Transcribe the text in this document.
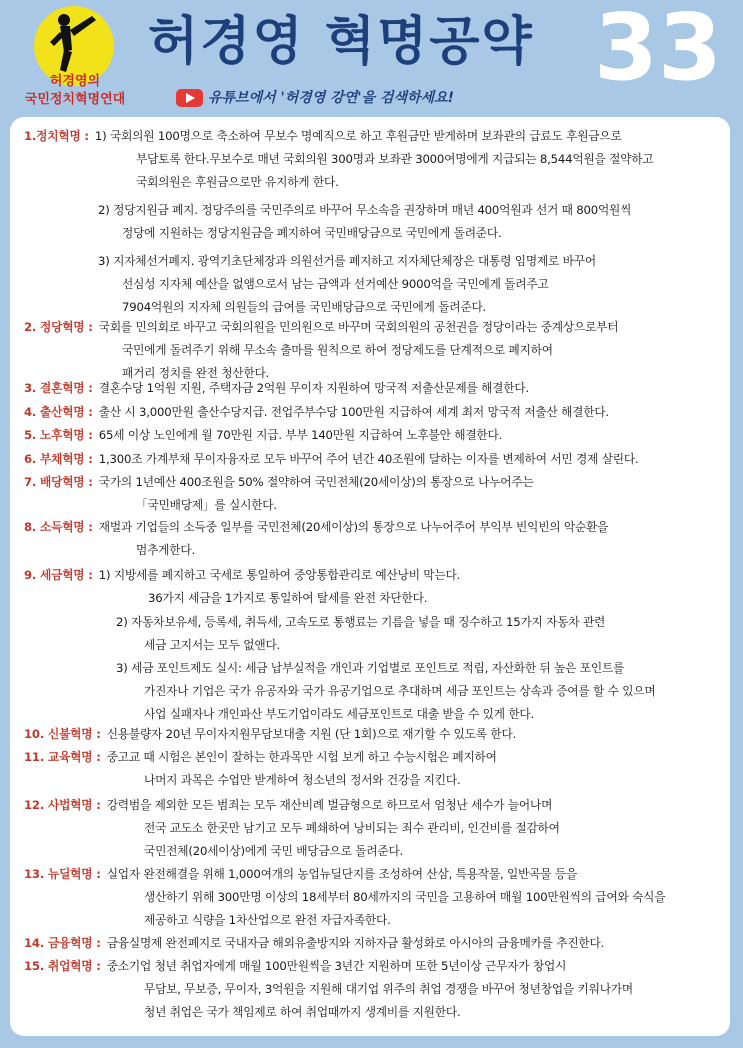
허경영의
국민정치혁명연대
허경영 혁명공약 33
유튜브에서 '허경영 강연'을 검색하세요!
1.정치혁명 : 1) 국회의원 100명으로 축소하여 무보수 명예직으로 하고 후원금만 받게하며 보좌관의 급료도 후원금으로
부담토록 한다.무보수로 매년 국회의원 300명과 보좌관 3000여명에게 지급되는 8,544억원을 절약하고
국회의원은 후원금으로만 유지하게 한다.
2) 정당지원금 폐지. 정당주의를 국민주의로 바꾸어 무소속을 권장하며 매년 400억원과 선거 때 800억원씩
정당에 지원하는 정당지원금을 폐지하여 국민배당금으로 국민에게 돌려준다.
3) 지자체선거폐지. 광역기초단체장과 의원선거를 폐지하고 지자체단체장은 대통령 임명제로 바꾸어
선심성 지자체 예산을 없앰으로서 남는 금액과 선거예산 9000억을 국민에게 돌려주고
7904억원의 지자체 의원들의 급여를 국민배당금으로 국민에게 돌려준다.
2. 정당혁명 : 국회를 민의회로 바꾸고 국회의원을 민의원으로 바꾸며 국회의원의 공천권을 정당이라는 중계상으로부터
국민에게 돌려주기 위해 무소속 출마를 원칙으로 하여 정당제도를 단계적으로 폐지하여
패거리 정치를 완전 청산한다.
3. 결혼혁명 : 결혼수당 1억원 지원, 주택자금 2억원 무이자 지원하여 망국적 저출산문제를 해결한다.
4. 출산혁명 : 출산 시 3,000만원 출산수당지급. 전업주부수당 100만원 지급하여 세계 최저 망국적 저출산 해결한다.
5. 노후혁명 : 65세 이상 노인에게 월 70만원 지급. 부부 140만원 지급하여 노후불안 해결한다.
6. 부채혁명 : 1,300조 가계부채 무이자융자로 모두 바꾸어 주어 년간 40조원에 달하는 이자를 변제하여 서민 경제 살린다.
7. 배당혁명 : 국가의 1년예산 400조원을 50% 절약하여 국민전체(20세이상)의 통장으로 나누어주는
「국민배당제」를 실시한다.
8. 소득혁명 : 재벌과 기업들의 소득중 일부를 국민전체(20세이상)의 통장으로 나누어주어 부익부 빈익빈의 악순환을
멈추게한다.
9. 세금혁명 : 1) 지방세를 폐지하고 국세로 통일하여 중앙통합관리로 예산낭비 막는다.
36가지 세금을 1가지로 통일하여 탈세를 완전 차단한다.
2) 자동차보유세, 등록세, 취득세, 고속도로 통행료는 기름을 넣을 때 징수하고 15가지 자동차 관련
세금 고지서는 모두 없앤다.
3) 세금 포인트제도 실시: 세금 납부실적을 개인과 기업별로 포인트로 적립, 자산화한 뒤 높은 포인트를
가진자나 기업은 국가 유공자와 국가 유공기업으로 추대하며 세금 포인트는 상속과 증여를 할 수 있으며
사업 실패자나 개인파산 부도기업이라도 세금포인트로 대출 받을 수 있게 한다.
10. 신불혁명 : 신용불량자 20년 무이자지원무담보대출 지원 (단 1회)으로 재기할 수 있도록 한다.
11. 교육혁명 : 중고교 때 시험은 본인이 잘하는 한과목만 시험 보게 하고 수능시험은 폐지하여
나머지 과목은 수업만 받게하여 청소년의 정서와 건강을 지킨다.
12. 사법혁명 : 강력범을 제외한 모든 범죄는 모두 재산비례 벌금형으로 하므로서 엄청난 세수가 늘어나며
전국 교도소 한곳만 남기고 모두 폐쇄하여 낭비되는 죄수 관리비, 인건비를 절감하여
국민전체(20세이상)에게 국민 배당금으로 돌려준다.
13. 뉴딜혁명 : 실업자 완전해결을 위해 1,000여개의 농업뉴딜단지를 조성하여 산삼, 특용작물, 일반곡물 등을
생산하기 위해 300만명 이상의 18세부터 80세까지의 국민을 고용하여 매월 100만원씩의 급여와 숙식을
제공하고 식량을 1차산업으로 완전 자급자족한다.
14. 금융혁명 : 금융실명제 완전폐지로 국내자금 해외유출방지와 지하자금 활성화로 아시아의 금융메카를 추진한다.
15. 취업혁명 : 중소기업 청년 취업자에게 매월 100만원씩을 3년간 지원하며 또한 5년이상 근무자가 창업시
무담보, 무보증, 무이자, 3억원을 지원해 대기업 위주의 취업 경쟁을 바꾸어 청년창업을 키워나가며
청년 취업은 국가 책임제로 하여 취업때까지 생계비를 지원한다.
